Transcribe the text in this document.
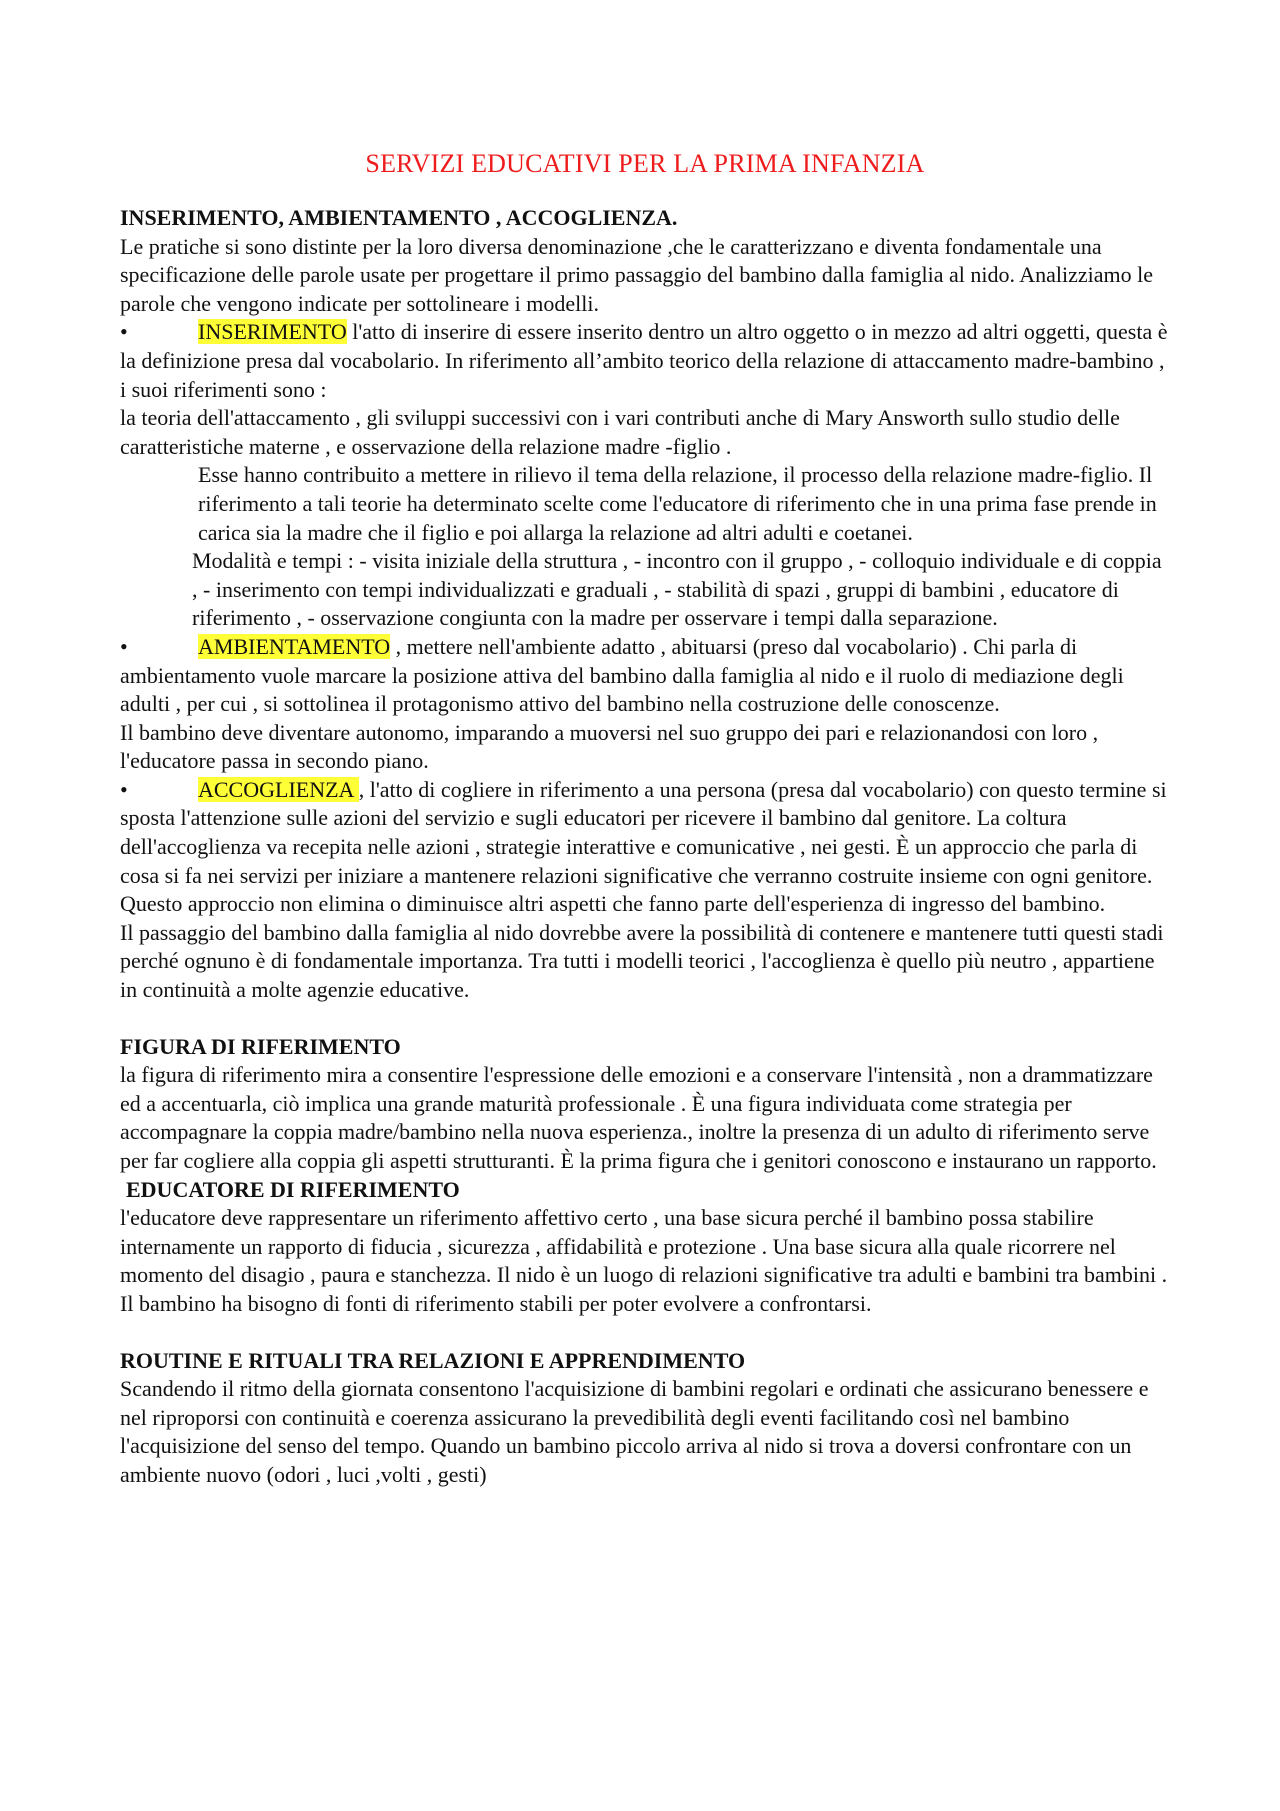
SERVIZI EDUCATIVI PER LA PRIMA INFANZIA
INSERIMENTO, AMBIENTAMENTO , ACCOGLIENZA.

Le pratiche si sono distinte per la loro diversa denominazione ,che le caratterizzano e diventa fondamentale una specificazione delle parole usate per progettare il primo passaggio del bambino dalla famiglia al nido. Analizziamo le parole che vengono indicate per sottolineare i modelli.

•	INSERIMENTO l'atto di inserire di essere inserito dentro un altro oggetto o in mezzo ad altri oggetti, questa è la definizione presa dal vocabolario. In riferimento all’ambito teorico della relazione di attaccamento madre-bambino , i suoi riferimenti sono :

la teoria dell'attaccamento , gli sviluppi successivi con i vari contributi anche di Mary Answorth sullo studio delle caratteristiche materne , e osservazione della relazione madre -figlio .

Esse hanno contribuito a mettere in rilievo il tema della relazione, il processo della relazione madre-figlio. Il riferimento a tali teorie ha determinato scelte come l'educatore di riferimento che in una prima fase prende in carica sia la madre che il figlio e poi allarga la relazione ad altri adulti e coetanei.

Modalità e tempi : - visita iniziale della struttura , - incontro con il gruppo , - colloquio individuale e di coppia , - inserimento con tempi individualizzati e graduali , - stabilità di spazi , gruppi di bambini , educatore di riferimento , - osservazione congiunta con la madre per osservare i tempi dalla separazione.

•	AMBIENTAMENTO , mettere nell'ambiente adatto , abituarsi (preso dal vocabolario) . Chi parla di ambientamento vuole marcare la posizione attiva del bambino dalla famiglia al nido e il ruolo di mediazione degli adulti , per cui , si sottolinea il protagonismo attivo del bambino nella costruzione delle conoscenze.

Il bambino deve diventare autonomo, imparando a muoversi nel suo gruppo dei pari e relazionandosi con loro , l'educatore passa in secondo piano.

•	ACCOGLIENZA , l'atto di cogliere in riferimento a una persona (presa dal vocabolario) con questo termine si sposta l'attenzione sulle azioni del servizio e sugli educatori per ricevere il bambino dal genitore. La coltura dell'accoglienza va recepita nelle azioni , strategie interattive e comunicative , nei gesti. È un approccio che parla di cosa si fa nei servizi per iniziare a mantenere relazioni significative che verranno costruite insieme con ogni genitore. Questo approccio non elimina o diminuisce altri aspetti che fanno parte dell'esperienza di ingresso del bambino.

Il passaggio del bambino dalla famiglia al nido dovrebbe avere la possibilità di contenere e mantenere tutti questi stadi perché ognuno è di fondamentale importanza. Tra tutti i modelli teorici , l'accoglienza è quello più neutro , appartiene in continuità a molte agenzie educative.

FIGURA DI RIFERIMENTO

la figura di riferimento mira a consentire l'espressione delle emozioni e a conservare l'intensità , non a drammatizzare ed a accentuarla, ciò implica una grande maturità professionale . È una figura individuata come strategia per accompagnare la coppia madre/bambino nella nuova esperienza., inoltre la presenza di un adulto di riferimento serve per far cogliere alla coppia gli aspetti strutturanti. È la prima figura che i genitori conoscono e instaurano un rapporto.

EDUCATORE DI RIFERIMENTO

l'educatore deve rappresentare un riferimento affettivo certo , una base sicura perché il bambino possa stabilire internamente un rapporto di fiducia , sicurezza , affidabilità e protezione . Una base sicura alla quale ricorrere nel momento del disagio , paura e stanchezza. Il nido è un luogo di relazioni significative tra adulti e bambini tra bambini . Il bambino ha bisogno di fonti di riferimento stabili per poter evolvere a confrontarsi.

ROUTINE E RITUALI TRA RELAZIONI E APPRENDIMENTO

Scandendo il ritmo della giornata consentono l'acquisizione di bambini regolari e ordinati che assicurano benessere e nel riproporsi con continuità e coerenza assicurano la prevedibilità degli eventi facilitando così nel bambino l'acquisizione del senso del tempo. Quando un bambino piccolo arriva al nido si trova a doversi confrontare con un ambiente nuovo (odori , luci ,volti , gesti)
